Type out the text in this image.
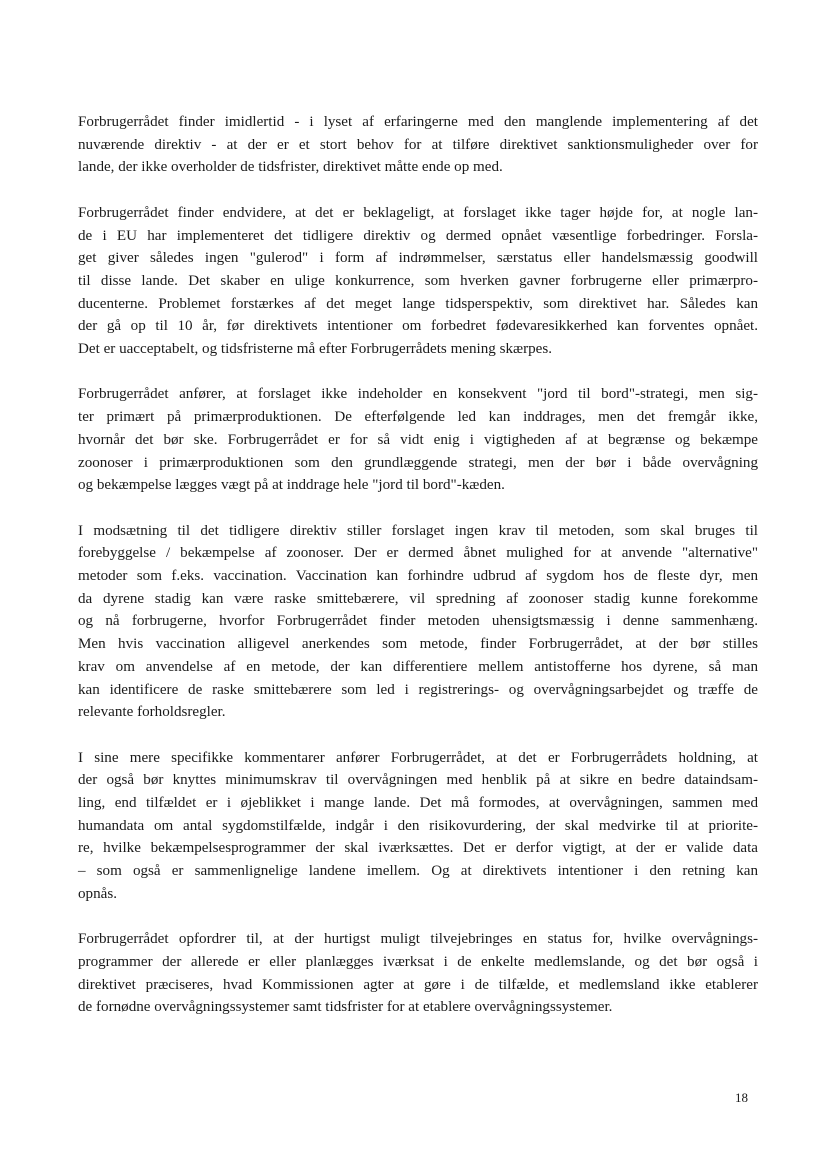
Forbrugerrådet finder imidlertid - i lyset af erfaringerne med den manglende implementering af det
nuværende direktiv - at der er et stort behov for at tilføre direktivet sanktionsmuligheder over for
lande, der ikke overholder de tidsfrister, direktivet måtte ende op med.

Forbrugerrådet finder endvidere, at det er beklageligt, at forslaget ikke tager højde for, at nogle lan-
de i EU har implementeret det tidligere direktiv og dermed opnået væsentlige forbedringer. Forsla-
get giver således ingen "gulerod" i form af indrømmelser, særstatus eller handelsmæssig goodwill
til disse lande. Det skaber en ulige konkurrence, som hverken gavner forbrugerne eller primærpro-
ducenterne. Problemet forstærkes af det meget lange tidsperspektiv, som direktivet har. Således kan
der gå op til 10 år, før direktivets intentioner om forbedret fødevaresikkerhed kan forventes opnået.
Det er uacceptabelt, og tidsfristerne må efter Forbrugerrådets mening skærpes.

Forbrugerrådet anfører, at forslaget ikke indeholder en konsekvent "jord til bord"-strategi, men sig-
ter primært på primærproduktionen. De efterfølgende led kan inddrages, men det fremgår ikke,
hvornår det bør ske. Forbrugerrådet er for så vidt enig i vigtigheden af at begrænse og bekæmpe
zoonoser i primærproduktionen som den grundlæggende strategi, men der bør i både overvågning
og bekæmpelse lægges vægt på at inddrage hele "jord til bord"-kæden.

I modsætning til det tidligere direktiv stiller forslaget ingen krav til metoden, som skal bruges til
forebyggelse / bekæmpelse af zoonoser. Der er dermed åbnet mulighed for at anvende "alternative"
metoder som f.eks. vaccination. Vaccination kan forhindre udbrud af sygdom hos de fleste dyr, men
da dyrene stadig kan være raske smittebærere, vil spredning af zoonoser stadig kunne forekomme
og nå forbrugerne, hvorfor Forbrugerrådet finder metoden uhensigtsmæssig i denne sammenhæng.
Men hvis vaccination alligevel anerkendes som metode, finder Forbrugerrådet, at der bør stilles
krav om anvendelse af en metode, der kan differentiere mellem antistofferne hos dyrene, så man
kan identificere de raske smittebærere som led i registrerings- og overvågningsarbejdet og træffe de
relevante forholdsregler.

I sine mere specifikke kommentarer anfører Forbrugerrådet, at det er Forbrugerrådets holdning, at
der også bør knyttes minimumskrav til overvågningen med henblik på at sikre en bedre dataindsam-
ling, end tilfældet er i øjeblikket i mange lande. Det må formodes, at overvågningen, sammen med
humandata om antal sygdomstilfælde, indgår i den risikovurdering, der skal medvirke til at priorite-
re, hvilke bekæmpelsesprogrammer der skal iværksættes. Det er derfor vigtigt, at der er valide data
– som også er sammenlignelige landene imellem. Og at direktivets intentioner i den retning kan
opnås.

Forbrugerrådet opfordrer til, at der hurtigst muligt tilvejebringes en status for, hvilke overvågnings-
programmer der allerede er eller planlægges iværksat i de enkelte medlemslande, og det bør også i
direktivet præciseres, hvad Kommissionen agter at gøre i de tilfælde, et medlemsland ikke etablerer
de fornødne overvågningssystemer samt tidsfrister for at etablere overvågningssystemer.

18
